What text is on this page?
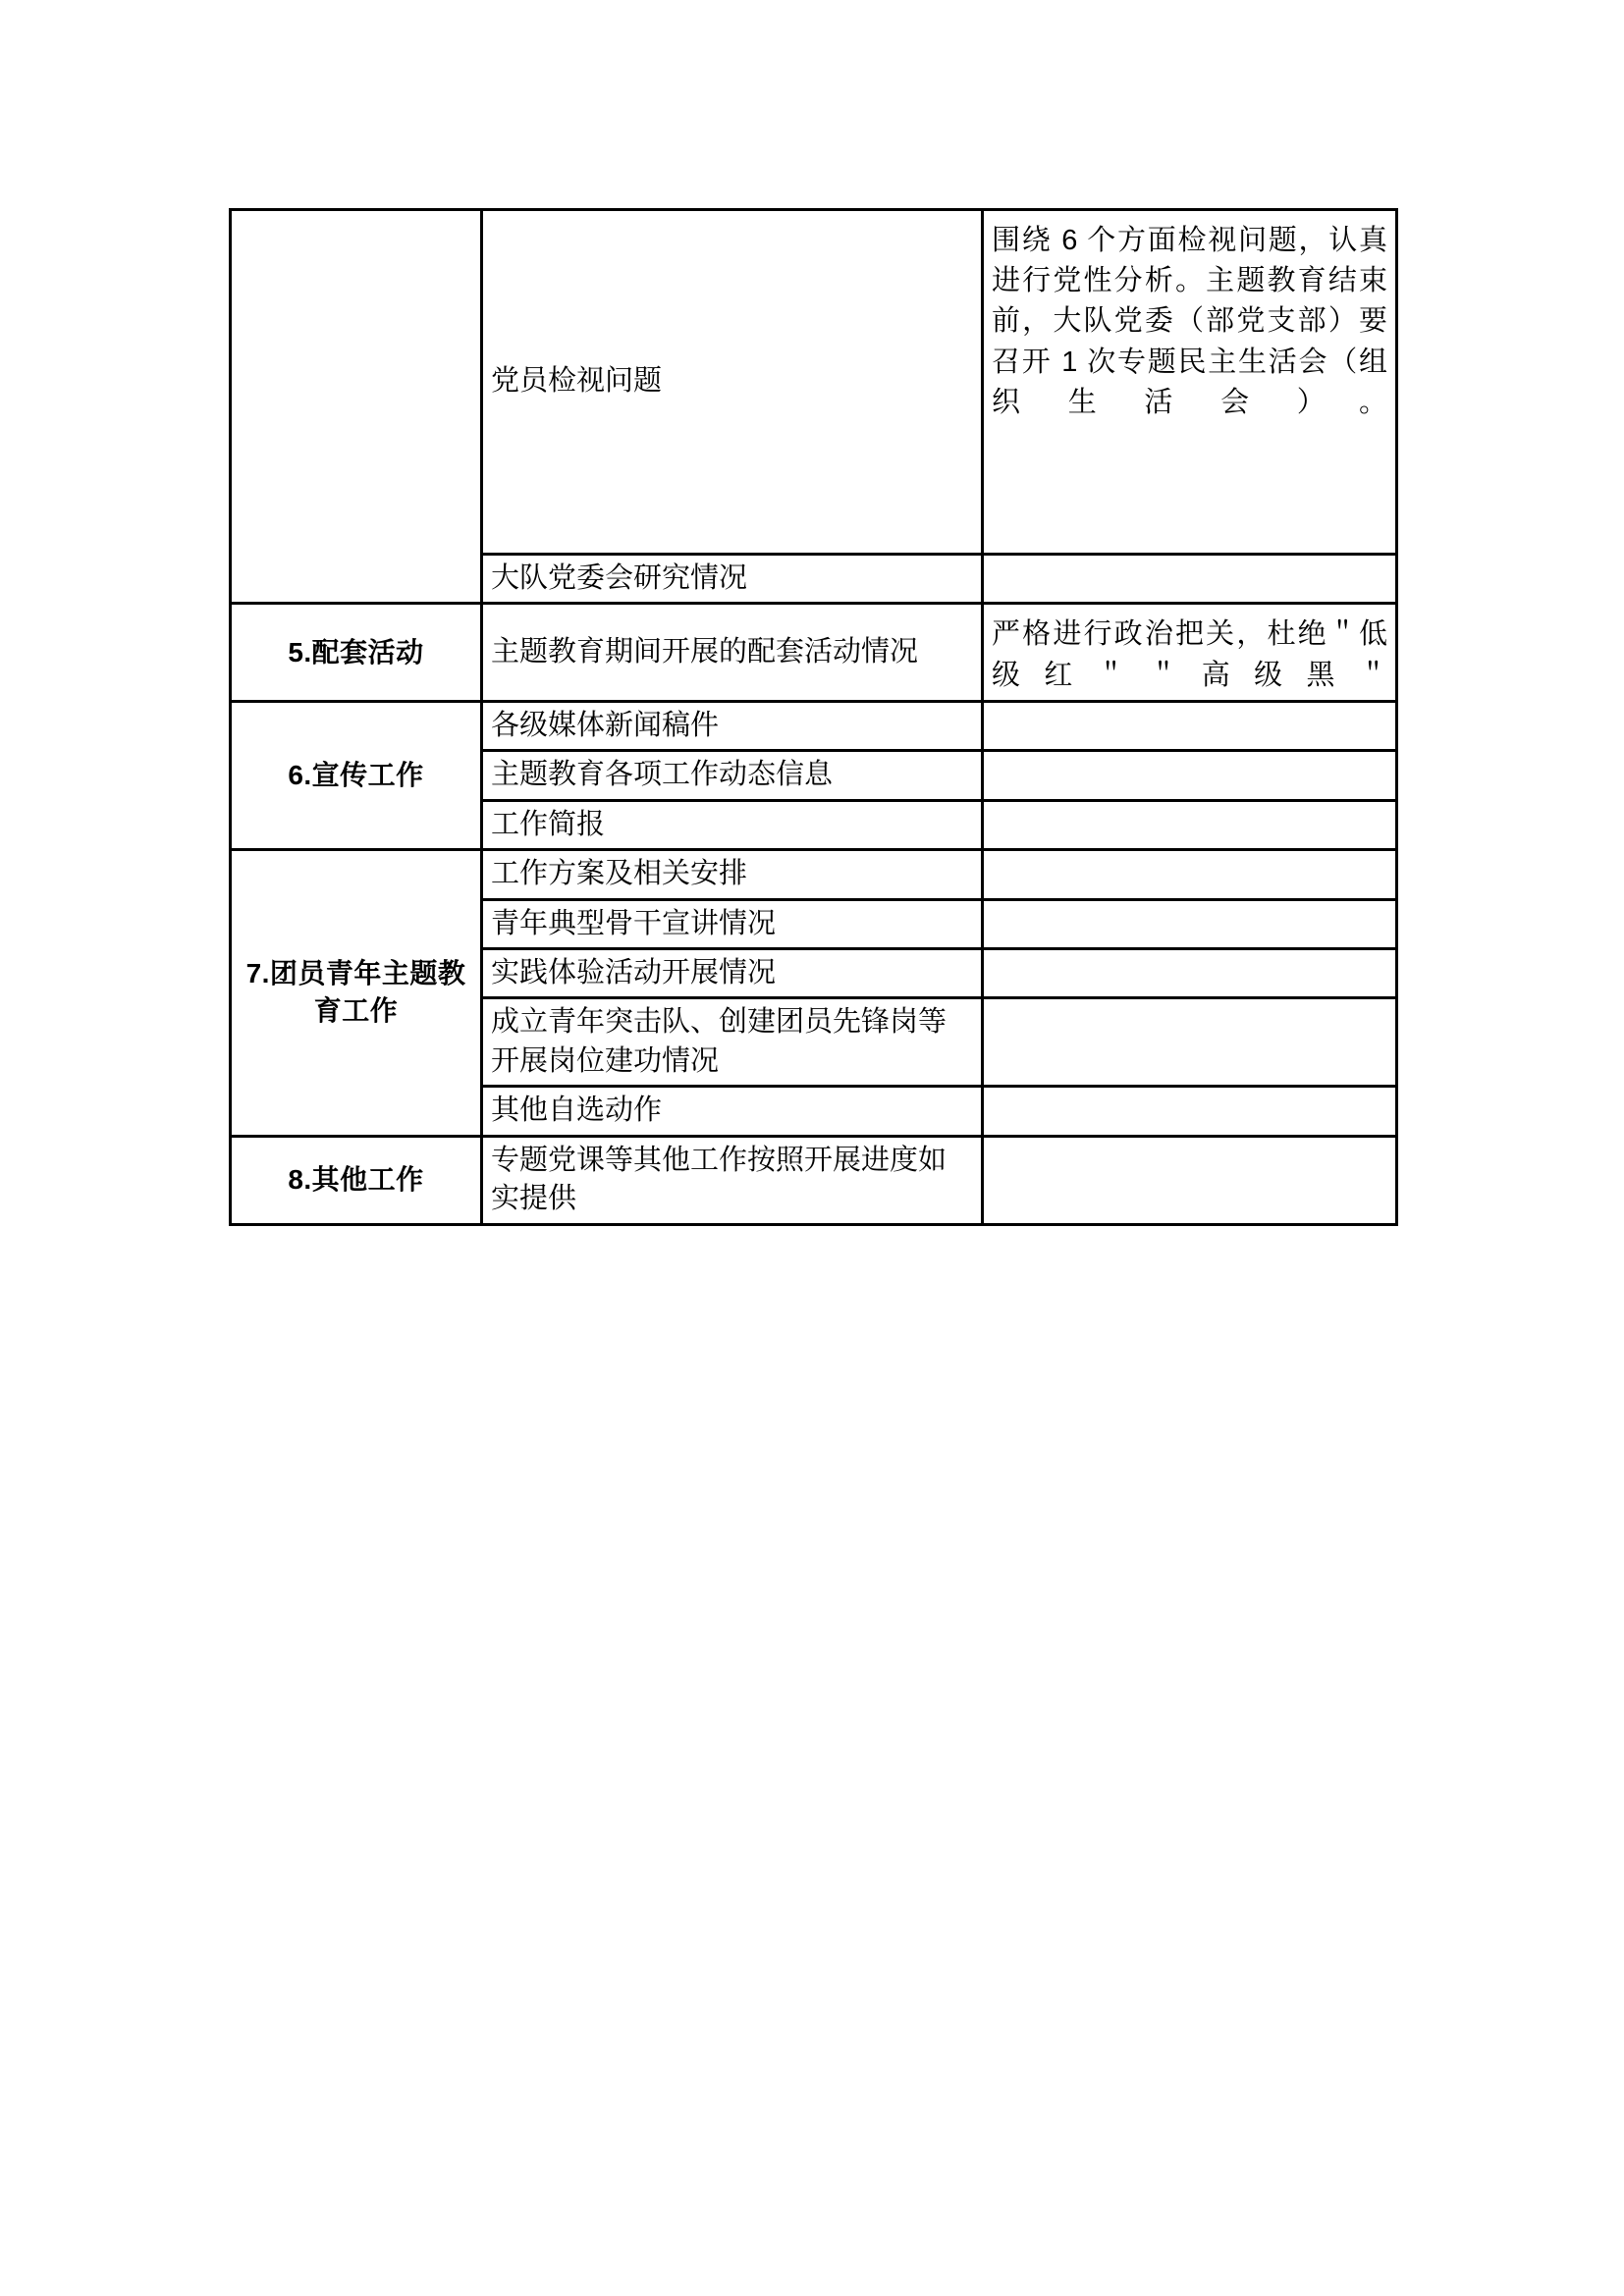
	党员检视问题	围绕 6 个方面检视问题，认真进行党性分析。主题教育结束前，大队党委（部党支部）要召开 1 次专题民主生活会（组织生活会）。
	大队党委会研究情况	
5.配套活动	主题教育期间开展的配套活动情况	严格进行政治把关，杜绝＂低级红＂＂高级黑＂
6.宣传工作	各级媒体新闻稿件	
	主题教育各项工作动态信息	
	工作简报	
7.团员青年主题教育工作	工作方案及相关安排	
	青年典型骨干宣讲情况	
	实践体验活动开展情况	
	成立青年突击队、创建团员先锋岗等开展岗位建功情况	
	其他自选动作	
8.其他工作	专题党课等其他工作按照开展进度如实提供	
